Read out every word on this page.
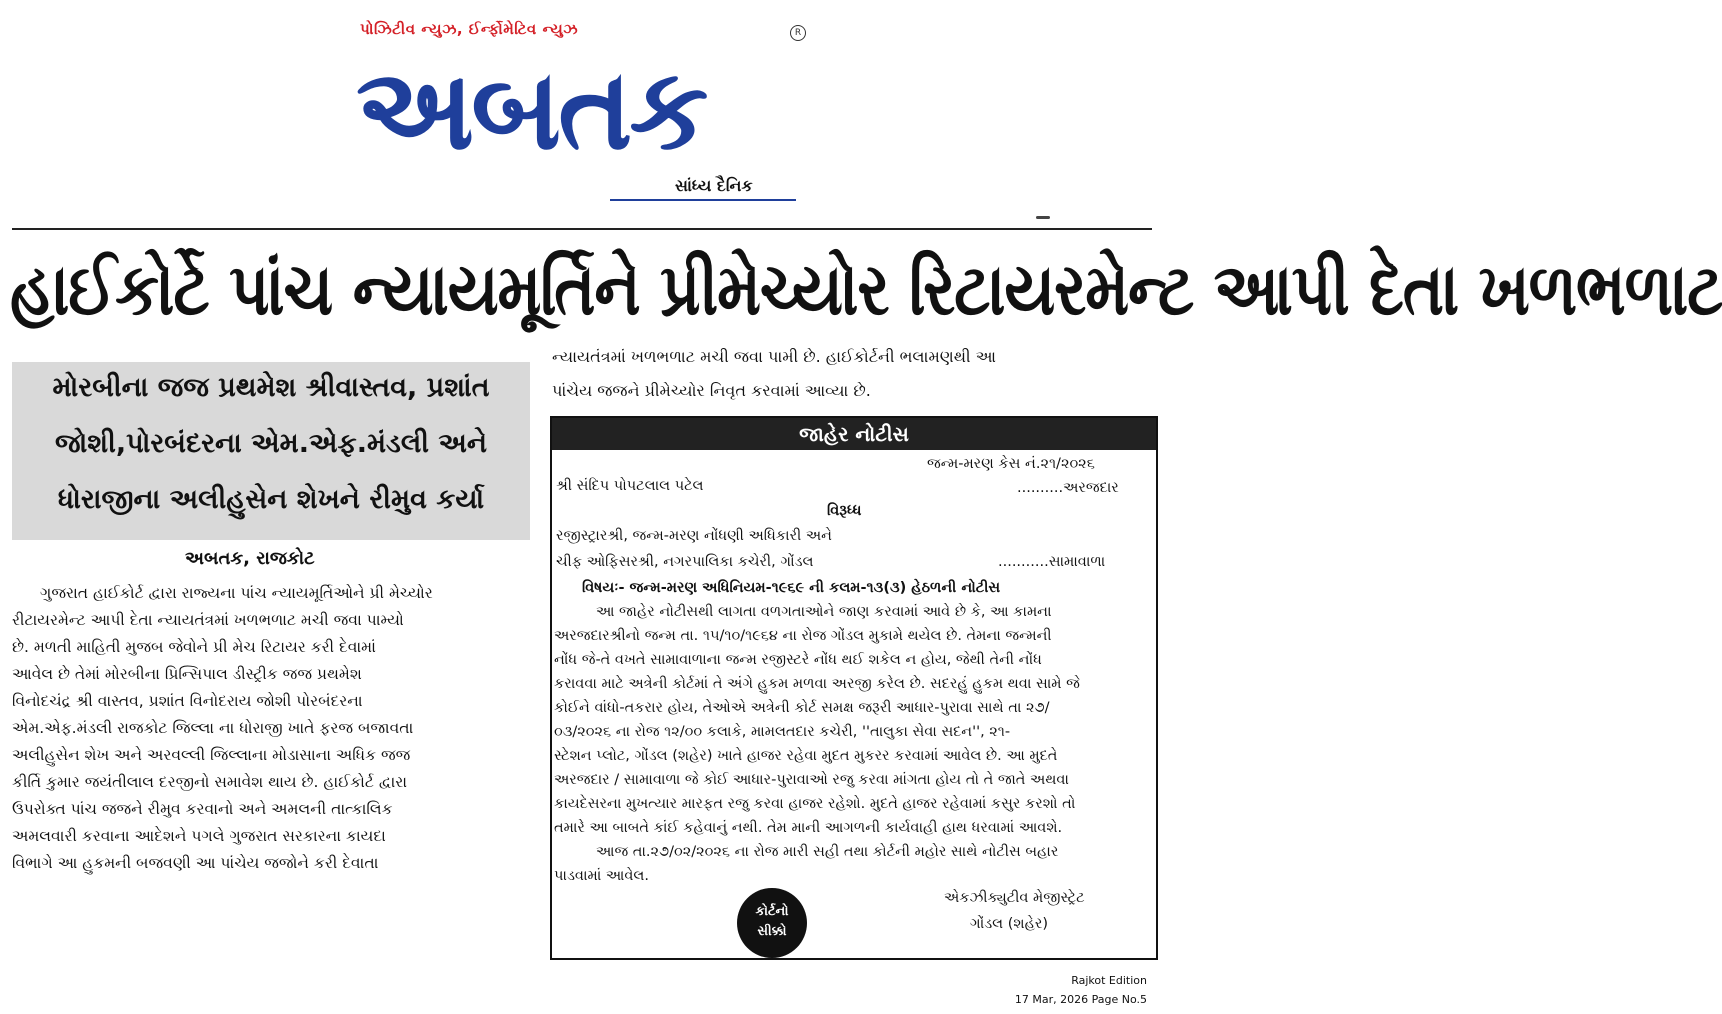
પોઝિટીવ ન્યુઝ, ઈર્ન્ફોમેટિવ ન્યુઝ	R
અબતક
સાંધ્ય દૈનિક
હાઈકોર્ટે પાંચ ન્યાયમૂર્તિને પ્રીમેચ્યોર રિટાયરમેન્ટ આપી દેતા ખળભળાટ
મોરબીના જજ પ્રથમેશ શ્રીવાસ્તવ, પ્રશાંત
જોશી,પોરબંદરના એમ.એફ.મંડલી અને
ધોરાજીના અલીહુસેન શેખને રીમુવ કર્યા
અબતક, રાજકોટ
ગુજરાત હાઈકોર્ટ દ્વારા રાજ્યના પાંચ ન્યાયમૂર્તિઓને પ્રી મેચ્યોર
રીટાયરમેન્ટ આપી દેતા ન્યાયતંત્રમાં ખળભળાટ મચી જવા પામ્યો
છે. મળતી માહિતી મુજબ જેવોને પ્રી મેચ રિટાયર કરી દેવામાં
આવેલ છે તેમાં મોરબીના પ્રિન્સિપાલ ડીસ્ટ્રીક જજ પ્રથમેશ
વિનોદચંદ્ર શ્રી વાસ્તવ, પ્રશાંત વિનોદરાય જોશી પોરબંદરના
એમ.એફ.મંડલી રાજકોટ જિલ્લા ના ધોરાજી ખાતે ફરજ બજાવતા
અલીહુસેન શેખ અને અરવલ્લી જિલ્લાના મોડાસાના અધિક જજ
કીર્તિ કુમાર જયંતીલાલ દરજીનો સમાવેશ થાય છે. હાઈકોર્ટ દ્વારા
ઉપરોક્ત પાંચ જજને રીમુવ કરવાનો અને અમલની તાત્કાલિક
અમલવારી કરવાના આદેશને પગલે ગુજરાત સરકારના કાયદા
વિભાગે આ હુકમની બજવણી આ પાંચેય જજોને કરી દેવાતા
ન્યાયતંત્રમાં ખળભળાટ મચી જવા પામી છે. હાઈકોર્ટની ભલામણથી આ
પાંચેય જજને પ્રીમેચ્યોર નિવૃત કરવામાં આવ્યા છે.
જાહેર નોટીસ
જન્મ-મરણ કેસ નં.૨૧/૨૦૨૬
શ્રી સંદિપ પોપટલાલ પટેલ	..........અરજદાર
વિરૂધ્ધ
રજીસ્ટ્રારશ્રી, જન્મ-મરણ નોંધણી અધિકારી અને
ચીફ ઓફિસરશ્રી, નગરપાલિકા કચેરી, ગોંડલ	...........સામાવાળા
વિષયઃ- જન્મ-મરણ અધિનિયમ-૧૯૬૯ ની કલમ-૧૩(૩) હેઠળની નોટીસ
આ જાહેર નોટીસથી લાગતા વળગતાઓને જાણ કરવામાં આવે છે કે, આ કામના
અરજદારશ્રીનો જન્મ તા. ૧૫/૧૦/૧૯૬૪ ના રોજ ગોંડલ મુકામે થયેલ છે. તેમના જન્મની
નોંધ જે-તે વખતે સામાવાળાના જન્મ રજીસ્ટરે નોંધ થઈ શકેલ ન હોય, જેથી તેની નોંધ
કરાવવા માટે અત્રેની કોર્ટમાં તે અંગે હુકમ મળવા અરજી કરેલ છે. સદરહું હુકમ થવા સામે જે
કોઈને વાંધો-તકરાર હોય, તેઓએ અત્રેની કોર્ટ સમક્ષ જરૂરી આધાર-પુરાવા સાથે તા ૨૭/
૦૩/૨૦૨૬ ના રોજ ૧૨/૦૦ કલાકે, મામલતદાર કચેરી, ''તાલુકા સેવા સદન'', ૨૧-
સ્ટેશન પ્લોટ, ગોંડલ (શહેર) ખાતે હાજર રહેવા મુદત મુકરર કરવામાં આવેલ છે. આ મુદતે
અરજદાર / સામાવાળા જે કોઈ આધાર-પુરાવાઓ રજુ કરવા માંગતા હોય તો તે જાતે અથવા
કાયદેસરના મુખત્યાર મારફત રજુ કરવા હાજર રહેશો. મુદતે હાજર રહેવામાં કસુર કરશો તો
તમારે આ બાબતે કાંઈ કહેવાનું નથી. તેમ માની આગળની કાર્યવાહી હાથ ધરવામાં આવશે.
આજ તા.૨૭/૦૨/૨૦૨૬ ના રોજ મારી સહી તથા કોર્ટની મહોર સાથે નોટીસ બહાર
પાડવામાં આવેલ.
કોર્ટનો
સીક્કો
એકઝીક્યુટીવ મેજીસ્ટ્રેટ
ગોંડલ (શહેર)
Rajkot Edition
17 Mar, 2026 Page No.5
